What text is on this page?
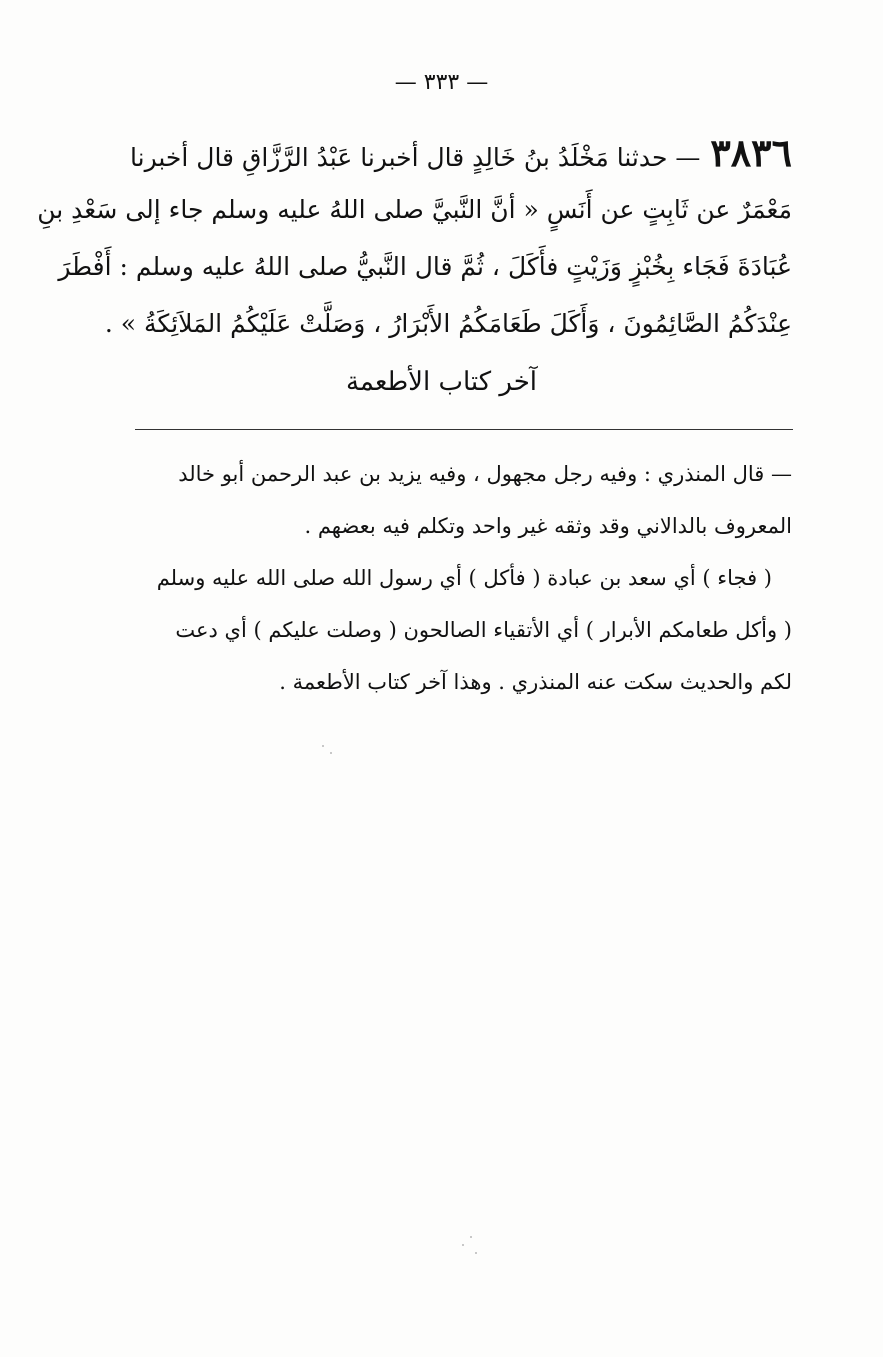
— ٣٣٣ —
٣٨٣٦— حدثنا مَخْلَدُ بنُ خَالِدٍ قال أخبرنا عَبْدُ الرَّزَّاقِ قال أخبرنا
مَعْمَرٌ عن ثَابِتٍ عن أَنَسٍ « أنَّ النَّبيَّ صلى اللهُ عليه وسلم جاء إلى سَعْدِ بنِ
عُبَادَةَ فَجَاء بِخُبْزٍ وَزَيْتٍ فأَكَلَ ، ثُمَّ قال النَّبيُّ صلى اللهُ عليه وسلم : أَفْطَرَ
عِنْدَكُمُ الصَّائِمُونَ ، وَأَكَلَ طَعَامَكُمُ الأَبْرَارُ ، وَصَلَّتْ عَلَيْكُمُ المَلاَئِكَةُ » .
آخر كتاب الأطعمة
— قال المنذري : وفيه رجل مجهول ، وفيه يزيد بن عبد الرحمن أبو خالد
المعروف بالدالاني وقد وثقه غير واحد وتكلم فيه بعضهم .
( فجاء ) أي سعد بن عبادة ( فأكل ) أي رسول الله صلى الله عليه وسلم
( وأكل طعامكم الأبرار ) أي الأتقياء الصالحون ( وصلت عليكم ) أي دعت
لكم والحديث سكت عنه المنذري . وهذا آخر كتاب الأطعمة .
